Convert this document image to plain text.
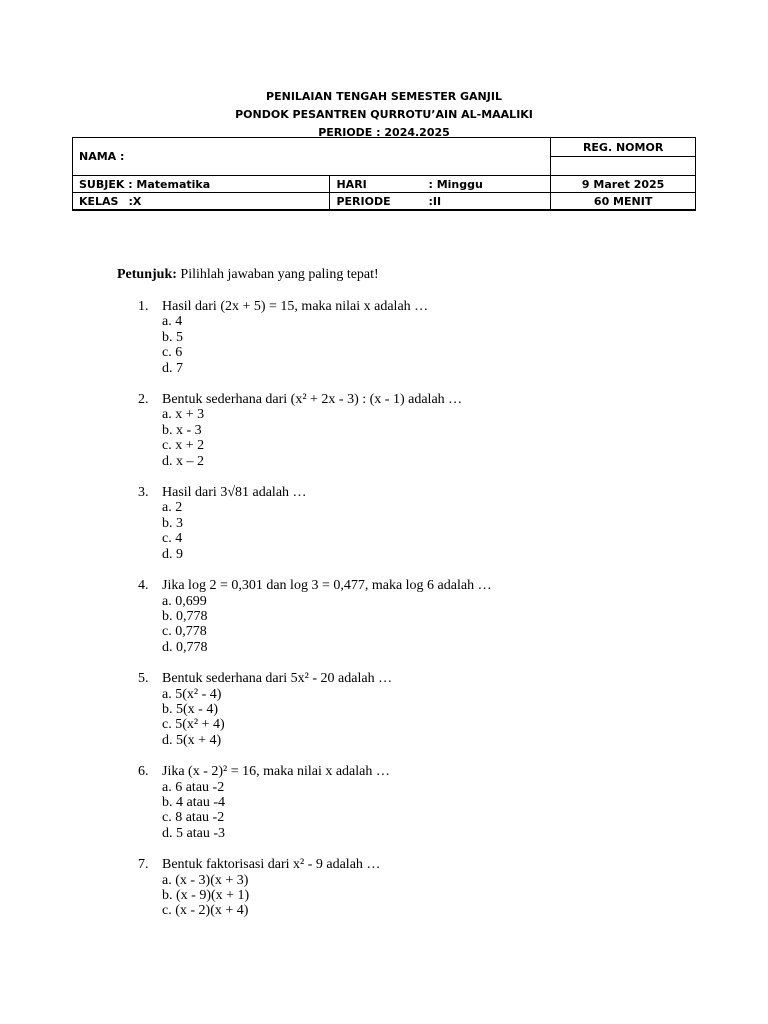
PENILAIAN TENGAH SEMESTER GANJIL
PONDOK PESANTREN QURROTU’AIN AL-MAALIKI
PERIODE : 2024.2025
NAMA :		REG. NOMOR

SUBJEK : Matematika	HARI : Minggu	9 Maret 2025
KELAS :X	PERIODE :II	60 MENIT
Petunjuk: Pilihlah jawaban yang paling tepat!
1. Hasil dari (2x + 5) = 15, maka nilai x adalah …
a. 4
b. 5
c. 6
d. 7
2. Bentuk sederhana dari (x² + 2x - 3) : (x - 1) adalah …
a. x + 3
b. x - 3
c. x + 2
d. x – 2
3. Hasil dari 3√81 adalah …
a. 2
b. 3
c. 4
d. 9
4. Jika log 2 = 0,301 dan log 3 = 0,477, maka log 6 adalah …
a. 0,699
b. 0,778
c. 0,778
d. 0,778
5. Bentuk sederhana dari 5x² - 20 adalah …
a. 5(x² - 4)
b. 5(x - 4)
c. 5(x² + 4)
d. 5(x + 4)
6. Jika (x - 2)² = 16, maka nilai x adalah …
a. 6 atau -2
b. 4 atau -4
c. 8 atau -2
d. 5 atau -3
7. Bentuk faktorisasi dari x² - 9 adalah …
a. (x - 3)(x + 3)
b. (x - 9)(x + 1)
c. (x - 2)(x + 4)
